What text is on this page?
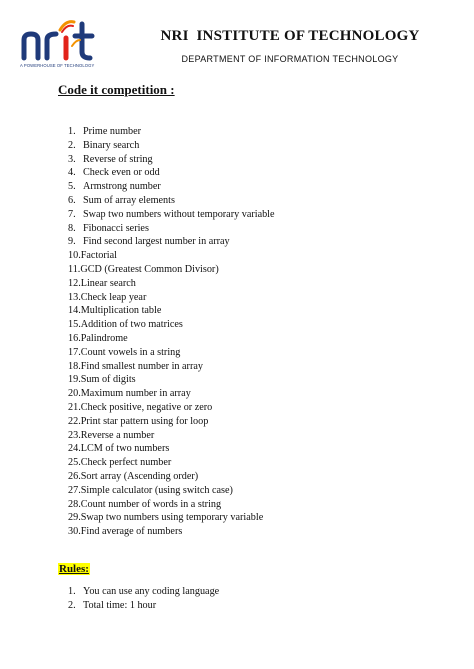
A POWERHOUSE OF TECHNOLOGY
NRI  INSTITUTE OF TECHNOLOGY
DEPARTMENT OF INFORMATION TECHNOLOGY
Code it competition :
1. Prime number
2. Binary search
3. Reverse of string
4. Check even or odd
5. Armstrong number
6. Sum of array elements
7. Swap two numbers without temporary variable
8. Fibonacci series
9. Find second largest number in array
10.Factorial
11.GCD (Greatest Common Divisor)
12.Linear search
13.Check leap year
14.Multiplication table
15.Addition of two matrices
16.Palindrome
17.Count vowels in a string
18.Find smallest number in array
19.Sum of digits
20.Maximum number in array
21.Check positive, negative or zero
22.Print star pattern using for loop
23.Reverse a number
24.LCM of two numbers
25.Check perfect number
26.Sort array (Ascending order)
27.Simple calculator (using switch case)
28.Count number of words in a string
29.Swap two numbers using temporary variable
30.Find average of numbers
Rules:
1. You can use any coding language
2. Total time: 1 hour
